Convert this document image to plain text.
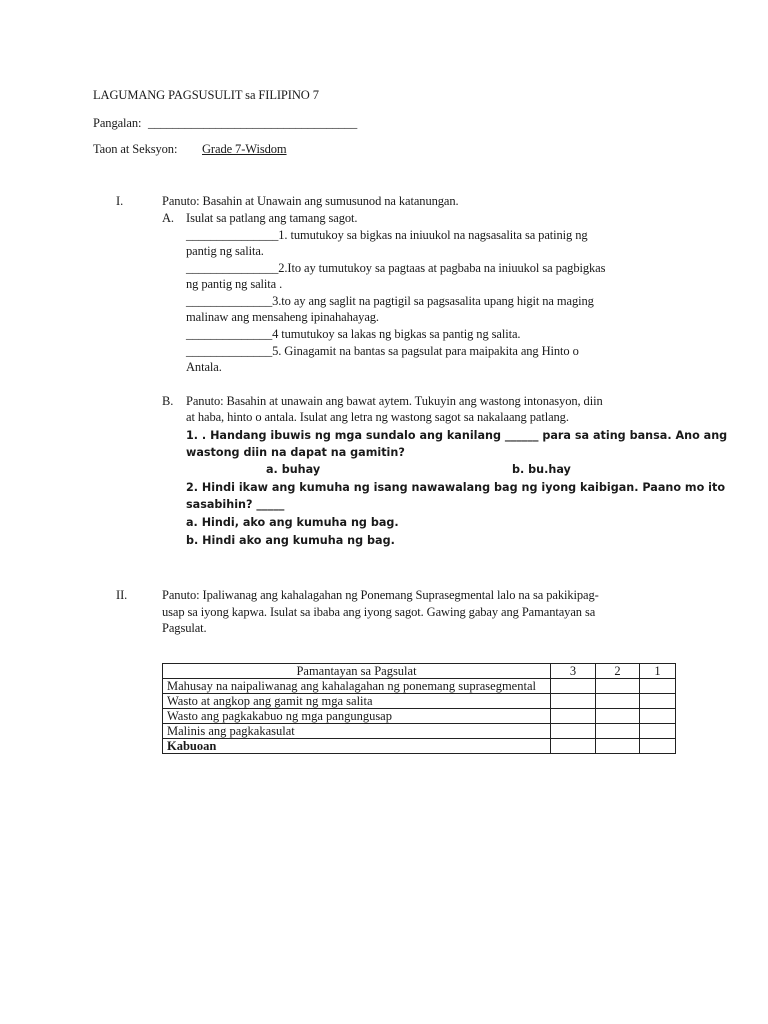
LAGUMANG PAGSUSULIT sa FILIPINO 7
Pangalan: __________________________________
Taon at Seksyon: Grade 7-Wisdom
I.	Panuto: Basahin at Unawain ang sumusunod na katanungan.
A. Isulat sa patlang ang tamang sagot.
_______________1. tumutukoy sa bigkas na iniuukol na nagsasalita sa patinig ng
pantig ng salita.
_______________2.Ito ay tumutukoy sa pagtaas at pagbaba na iniuukol sa pagbigkas
ng pantig ng salita .
______________3.to ay ang saglit na pagtigil sa pagsasalita upang higit na maging
malinaw ang mensaheng ipinahahayag.
______________4 tumutukoy sa lakas ng bigkas sa pantig ng salita.
______________5. Ginagamit na bantas sa pagsulat para maipakita ang Hinto o
Antala.
B. Panuto: Basahin at unawain ang bawat aytem. Tukuyin ang wastong intonasyon, diin
at haba, hinto o antala. Isulat ang letra ng wastong sagot sa nakalaang patlang.
1. . Handang ibuwis ng mga sundalo ang kanilang ______ para sa ating bansa. Ano ang
wastong diin na dapat na gamitin?
a. buhay	b. bu.hay
2. Hindi ikaw ang kumuha ng isang nawawalang bag ng iyong kaibigan. Paano mo ito
sasabihin? _____
a. Hindi, ako ang kumuha ng bag.
b. Hindi ako ang kumuha ng bag.
II.	Panuto: Ipaliwanag ang kahalagahan ng Ponemang Suprasegmental lalo na sa pakikipag-
usap sa iyong kapwa. Isulat sa ibaba ang iyong sagot. Gawing gabay ang Pamantayan sa
Pagsulat.
Pamantayan sa Pagsulat	3	2	1
Mahusay na naipaliwanag ang kahalagahan ng ponemang suprasegmental			
Wasto at angkop ang gamit ng mga salita			
Wasto ang pagkakabuo ng mga pangungusap			
Malinis ang pagkakasulat			
Kabuoan			
